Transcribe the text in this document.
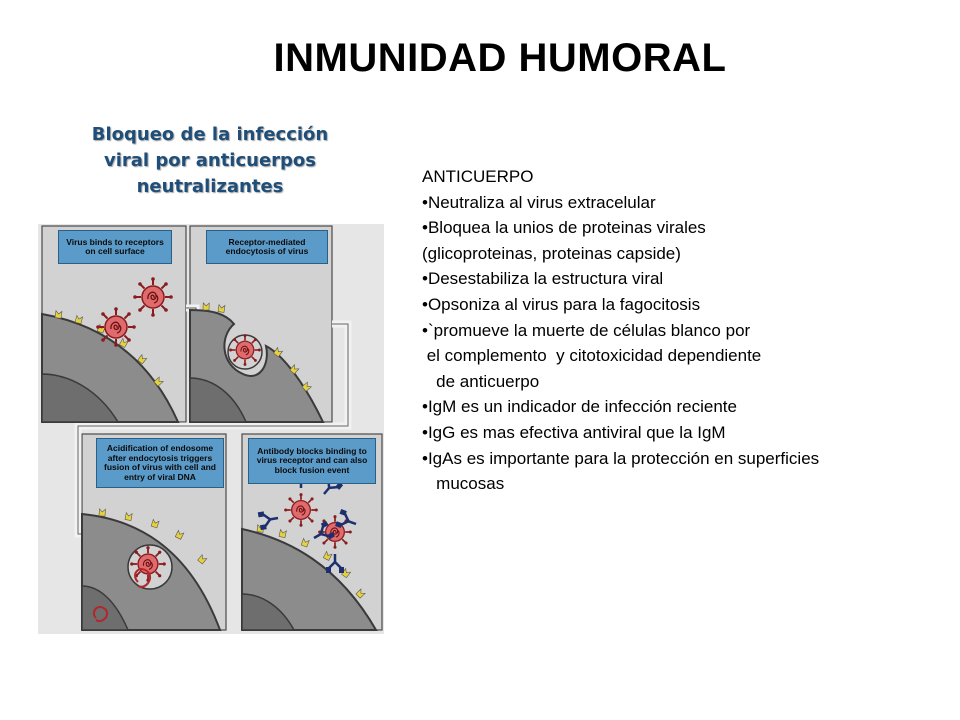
INMUNIDAD HUMORAL
Bloqueo de la infección
viral por anticuerpos
neutralizantes	ANTICUERPO
•Neutraliza al virus extracelular
•Bloquea la unios de proteinas virales
(glicoproteinas, proteinas capside)
•Desestabiliza la estructura viral
•Opsoniza al virus para la fagocitosis
•`promueve la muerte de células blanco por
el complemento  y citotoxicidad dependiente
de anticuerpo
•IgM es un indicador de infección reciente
•IgG es mas efectiva antiviral que la IgM
•IgAs es importante para la protección en superficies
mucosas
Virus binds to receptors
on cell surface
Receptor-mediated
endocytosis of virus
Acidification of endosome
after endocytosis triggers
fusion of virus with cell and
entry of viral DNA
Antibody blocks binding to
virus receptor and can also
block fusion event
